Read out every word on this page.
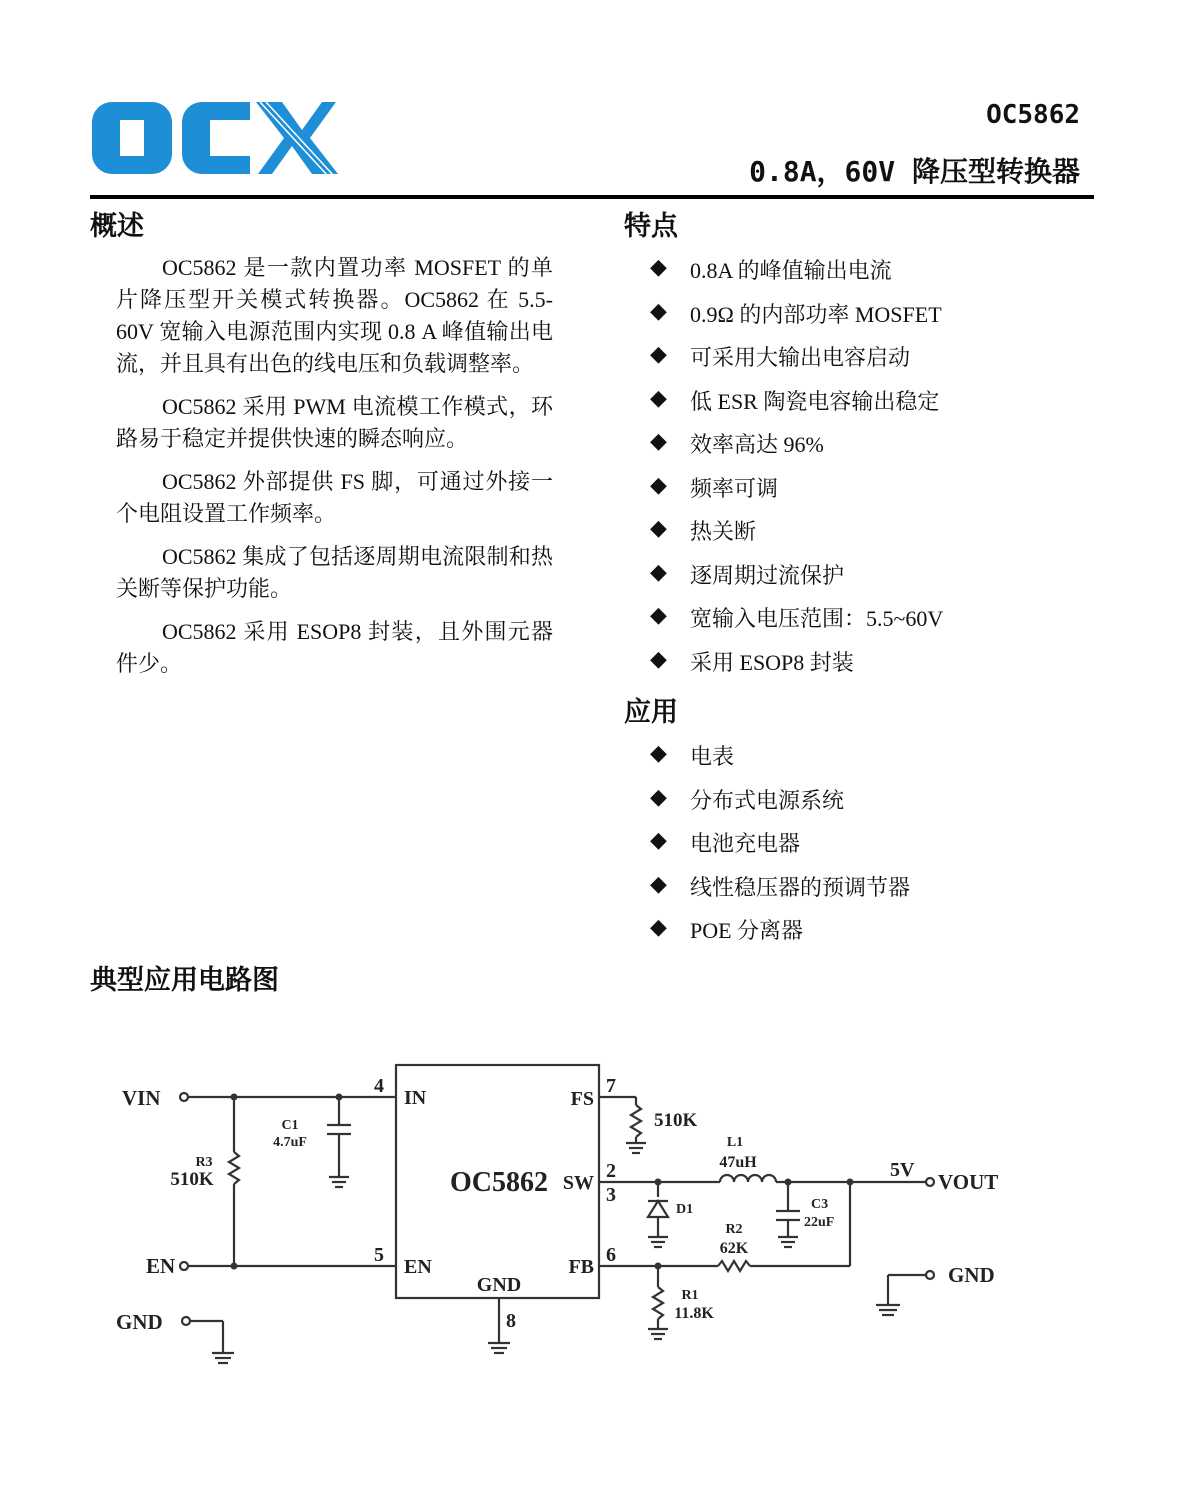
OC5862
0.8A，60V 降压型转换器
概述

OC5862 是一款内置功率 MOSFET 的单片降压型开关模式转换器。OC5862 在 5.5-60V 宽输入电源范围内实现 0.8 A 峰值输出电流，并且具有出色的线电压和负载调整率。

OC5862 采用 PWM 电流模工作模式，环路易于稳定并提供快速的瞬态响应。

OC5862 外部提供 FS 脚，可通过外接一个电阻设置工作频率。

OC5862 集成了包括逐周期电流限制和热关断等保护功能。

OC5862 采用 ESOP8 封装，且外围元器件少。

特点
◆	0.8A 的峰值输出电流
◆	0.9Ω 的内部功率 MOSFET
◆	可采用大输出电容启动
◆	低 ESR 陶瓷电容输出稳定
◆	效率高达 96%
◆	频率可调
◆	热关断
◆	逐周期过流保护
◆	宽输入电压范围：5.5~60V
◆	采用 ESOP8 封装
应用
◆	电表
◆	分布式电源系统
◆	电池充电器
◆	线性稳压器的预调节器
◆	POE 分离器
典型应用电路图
OC5862
IN
EN
FS
SW
FB
GND
4
5
7
2
3
6
8
VIN
EN
GND
C1
4.7uF
R3
510K
510K
L1
47uH
D1	C3
22uF
R2
62K
R1
11.8K
5V VOUT
GND
